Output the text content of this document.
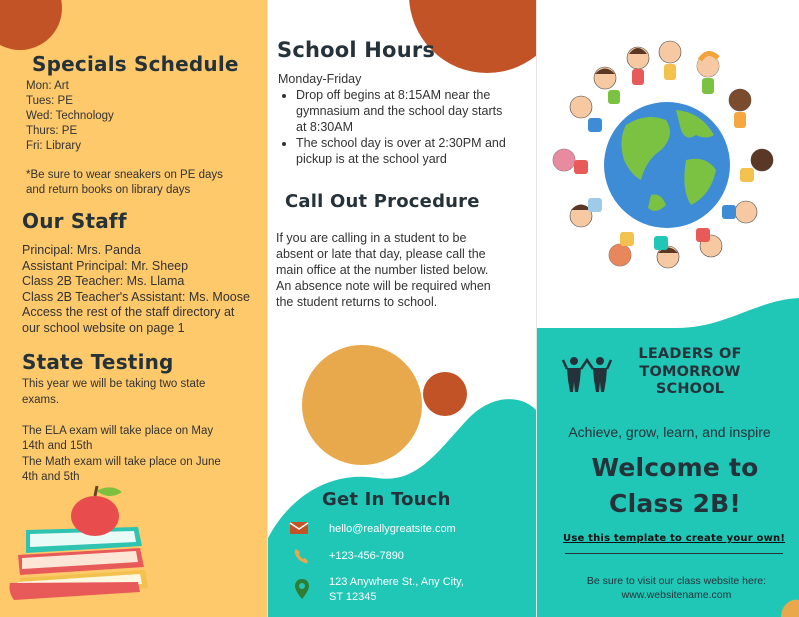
Specials Schedule
Mon: Art
Tues: PE
Wed: Technology
Thurs: PE
Fri: Library
*Be sure to wear sneakers on PE days
and return books on library days
Our Staff
Principal: Mrs. Panda
Assistant Principal: Mr. Sheep
Class 2B Teacher: Ms. Llama
Class 2B Teacher's Assistant: Ms. Moose
Access the rest of the staff directory at
our school website on page 1
State Testing
This year we will be taking two state
exams.
The ELA exam will take place on May
14th and 15th
The Math exam will take place on June
4th and 5th
School Hours
Monday-Friday
• Drop off begins at 8:15AM near the
gymnasium and the school day starts
at 8:30AM
• The school day is over at 2:30PM and
pickup is at the school yard
Call Out Procedure
If you are calling in a student to be
absent or late that day, please call the
main office at the number listed below.
An absence note will be required when
the student returns to school.
Get In Touch
hello@reallygreatsite.com
+123-456-7890
123 Anywhere St., Any City,
ST 12345
LEADERS OF
TOMORROW
SCHOOL
Achieve, grow, learn, and inspire
Welcome to
Class 2B!
Use this template to create your own!
Be sure to visit our class website here:
www.websitename.com
